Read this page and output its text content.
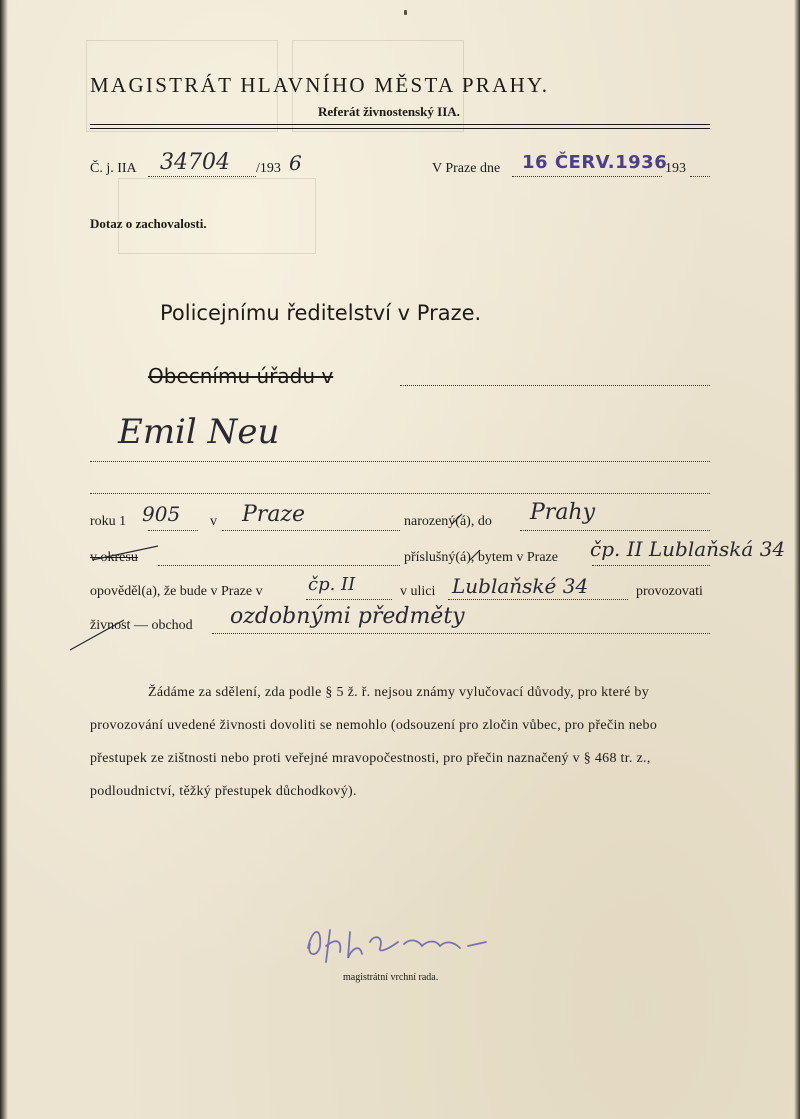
MAGISTRÁT HLAVNÍHO MĚSTA PRAHY.
Referát živnostenský IIA.
Č. j. IIA 34704 /193 6	V Praze dne 16 ČERV.1936
193
Dotaz o zachovalosti.
Policejnímu ředitelství v Praze.
Obecnímu úřadu v
Emil Neu
roku 1 905 v Praze	narozený(á), do Prahy
v okresu	příslušný(á), bytem v Praze čp. II Lublaňská 34
opověděl(a), že bude v Praze v	čp. II	v ulici Lublaňské 34	provozovati
živnost — obchod ozdobnými předměty
Žádáme za sdělení, zda podle § 5 ž. ř. nejsou známy vylučovací důvody, pro které by provozování uvedené živnosti dovoliti se nemohlo (odsouzení pro zločin vůbec, pro přečin nebo přestupek ze zištnosti nebo proti veřejné mravopočestnosti, pro přečin naznačený v § 468 tr. z., podloudnictví, těžký přestupek důchodkový).
magistrátní vrchní rada.
